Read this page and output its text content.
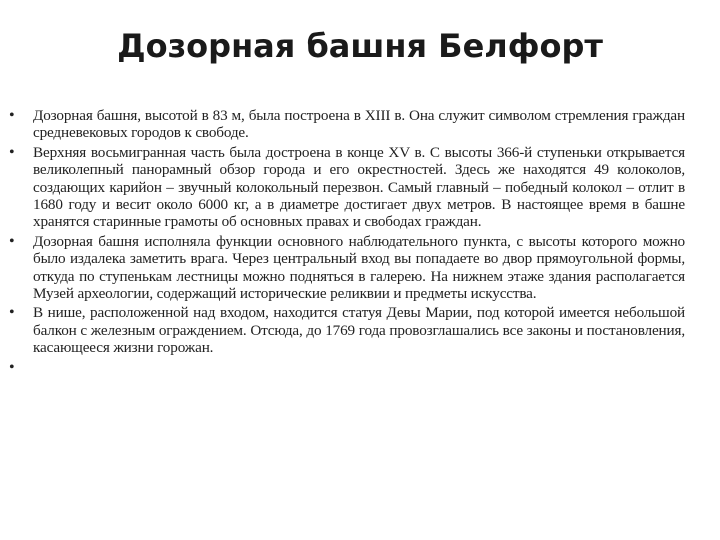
Дозорная башня Белфорт
• Дозорная башня, высотой в 83 м, была построена в XIII в. Она служит символом стремления граждан средневековых городов к свободе.
• Верхняя восьмигранная часть была достроена в конце XV в. С высоты 366-й ступеньки открывается великолепный панорамный обзор города и его окрестностей. Здесь же находятся 49 колоколов, создающих карийон – звучный колокольный перезвон. Самый главный – победный колокол – отлит в 1680 году и весит около 6000 кг, а в диаметре достигает двух метров. В настоящее время в башне хранятся старинные грамоты об основных правах и свободах граждан.
• Дозорная башня исполняла функции основного наблюдательного пункта, с высоты которого можно было издалека заметить врага. Через центральный вход вы попадаете во двор прямоугольной формы, откуда по ступенькам лестницы можно подняться в галерею. На нижнем этаже здания располагается Музей археологии, содержащий исторические реликвии и предметы искусства.
• В нише, расположенной над входом, находится статуя Девы Марии, под которой имеется небольшой балкон с железным ограждением. Отсюда, до 1769 года провозглашались все законы и постановления, касающееся жизни горожан.
•
